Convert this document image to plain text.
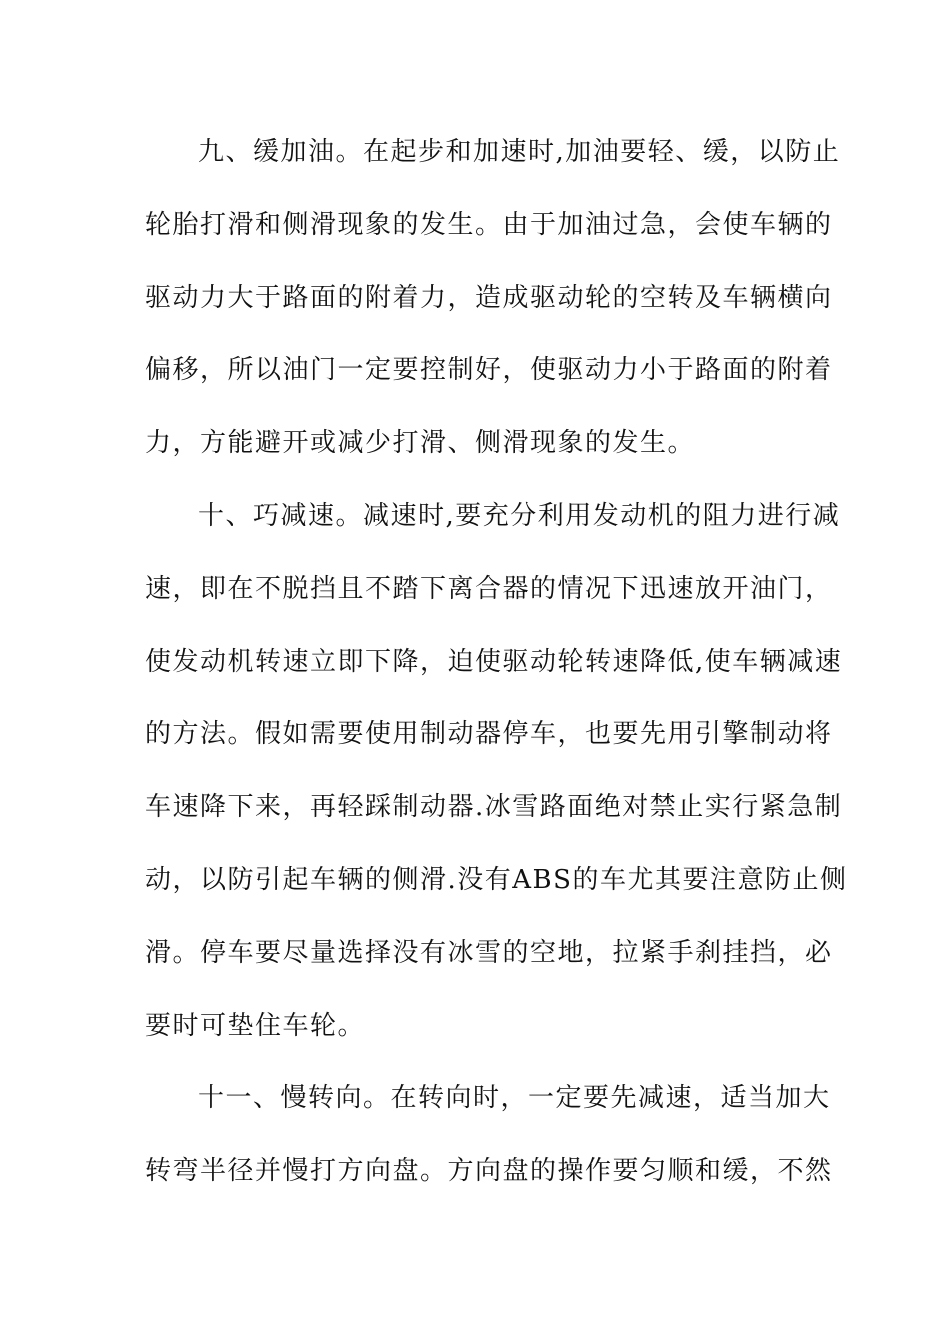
九、缓加油。在起步和加速时,加油要轻、缓，以防止
轮胎打滑和侧滑现象的发生。由于加油过急，会使车辆的
驱动力大于路面的附着力，造成驱动轮的空转及车辆横向
偏移，所以油门一定要控制好，使驱动力小于路面的附着
力，方能避开或减少打滑、侧滑现象的发生。
十、巧减速。减速时,要充分利用发动机的阻力进行减
速，即在不脱挡且不踏下离合器的情况下迅速放开油门，
使发动机转速立即下降，迫使驱动轮转速降低,使车辆减速
的方法。假如需要使用制动器停车，也要先用引擎制动将
车速降下来，再轻踩制动器.冰雪路面绝对禁止实行紧急制
动，以防引起车辆的侧滑.没有ABS的车尤其要注意防止侧
滑。停车要尽量选择没有冰雪的空地，拉紧手刹挂挡，必
要时可垫住车轮。
十一、慢转向。在转向时，一定要先减速，适当加大
转弯半径并慢打方向盘。方向盘的操作要匀顺和缓，不然
